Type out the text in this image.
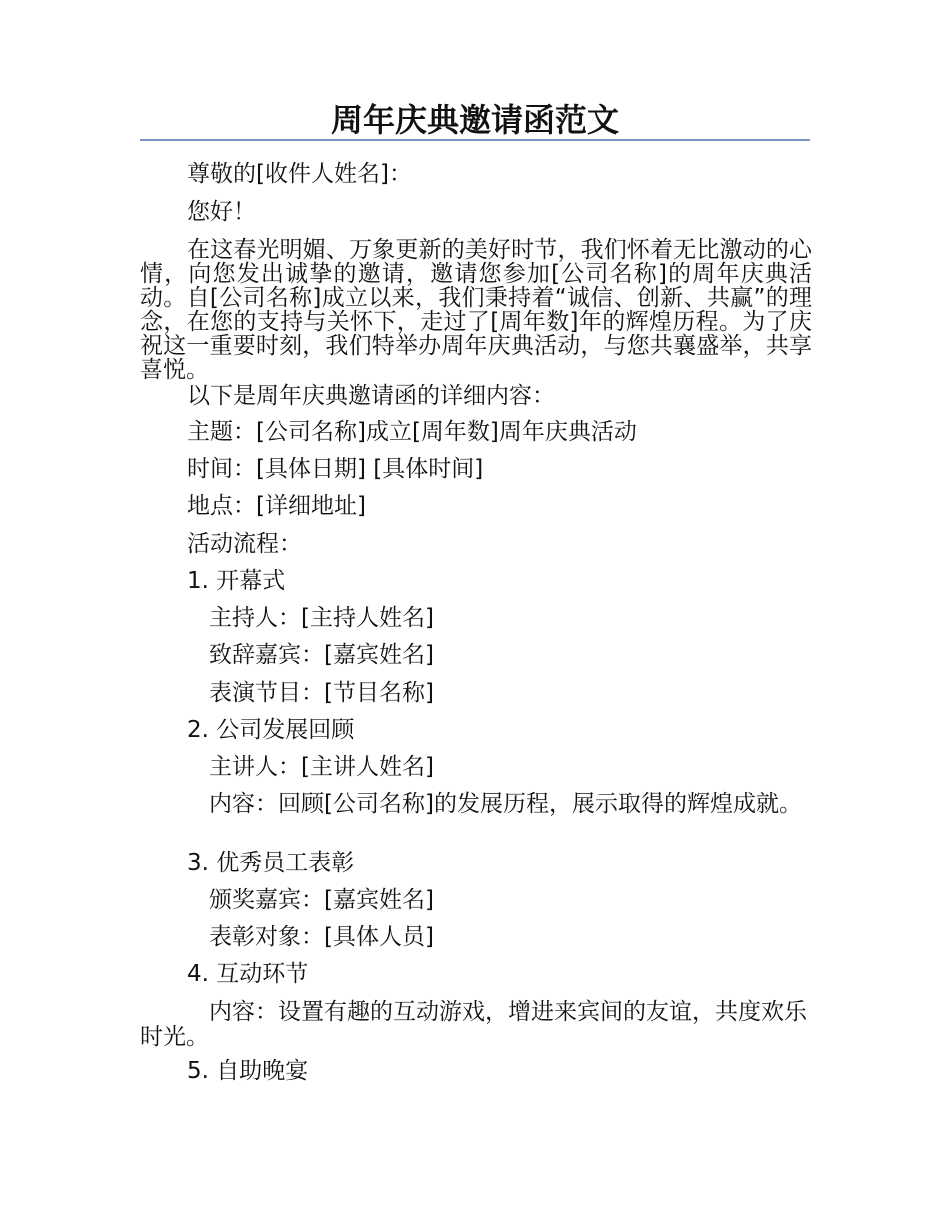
周年庆典邀请函范文
尊敬的[收件人姓名]：
您好！
在这春光明媚、万象更新的美好时节，我们怀着无比激动的心情，向您发出诚挚的邀请，邀请您参加[公司名称]的周年庆典活动。自[公司名称]成立以来，我们秉持着“诚信、创新、共赢”的理念，在您的支持与关怀下，走过了[周年数]年的辉煌历程。为了庆祝这一重要时刻，我们特举办周年庆典活动，与您共襄盛举，共享喜悦。
以下是周年庆典邀请函的详细内容：
主题：[公司名称]成立[周年数]周年庆典活动
时间：[具体日期] [具体时间]
地点：[详细地址]
活动流程：
1. 开幕式
主持人：[主持人姓名]
致辞嘉宾：[嘉宾姓名]
表演节目：[节目名称]
2. 公司发展回顾
主讲人：[主讲人姓名]
内容：回顾[公司名称]的发展历程，展示取得的辉煌成就。
3. 优秀员工表彰
颁奖嘉宾：[嘉宾姓名]
表彰对象：[具体人员]
4. 互动环节
内容：设置有趣的互动游戏，增进来宾间的友谊，共度欢乐时光。
5. 自助晚宴
